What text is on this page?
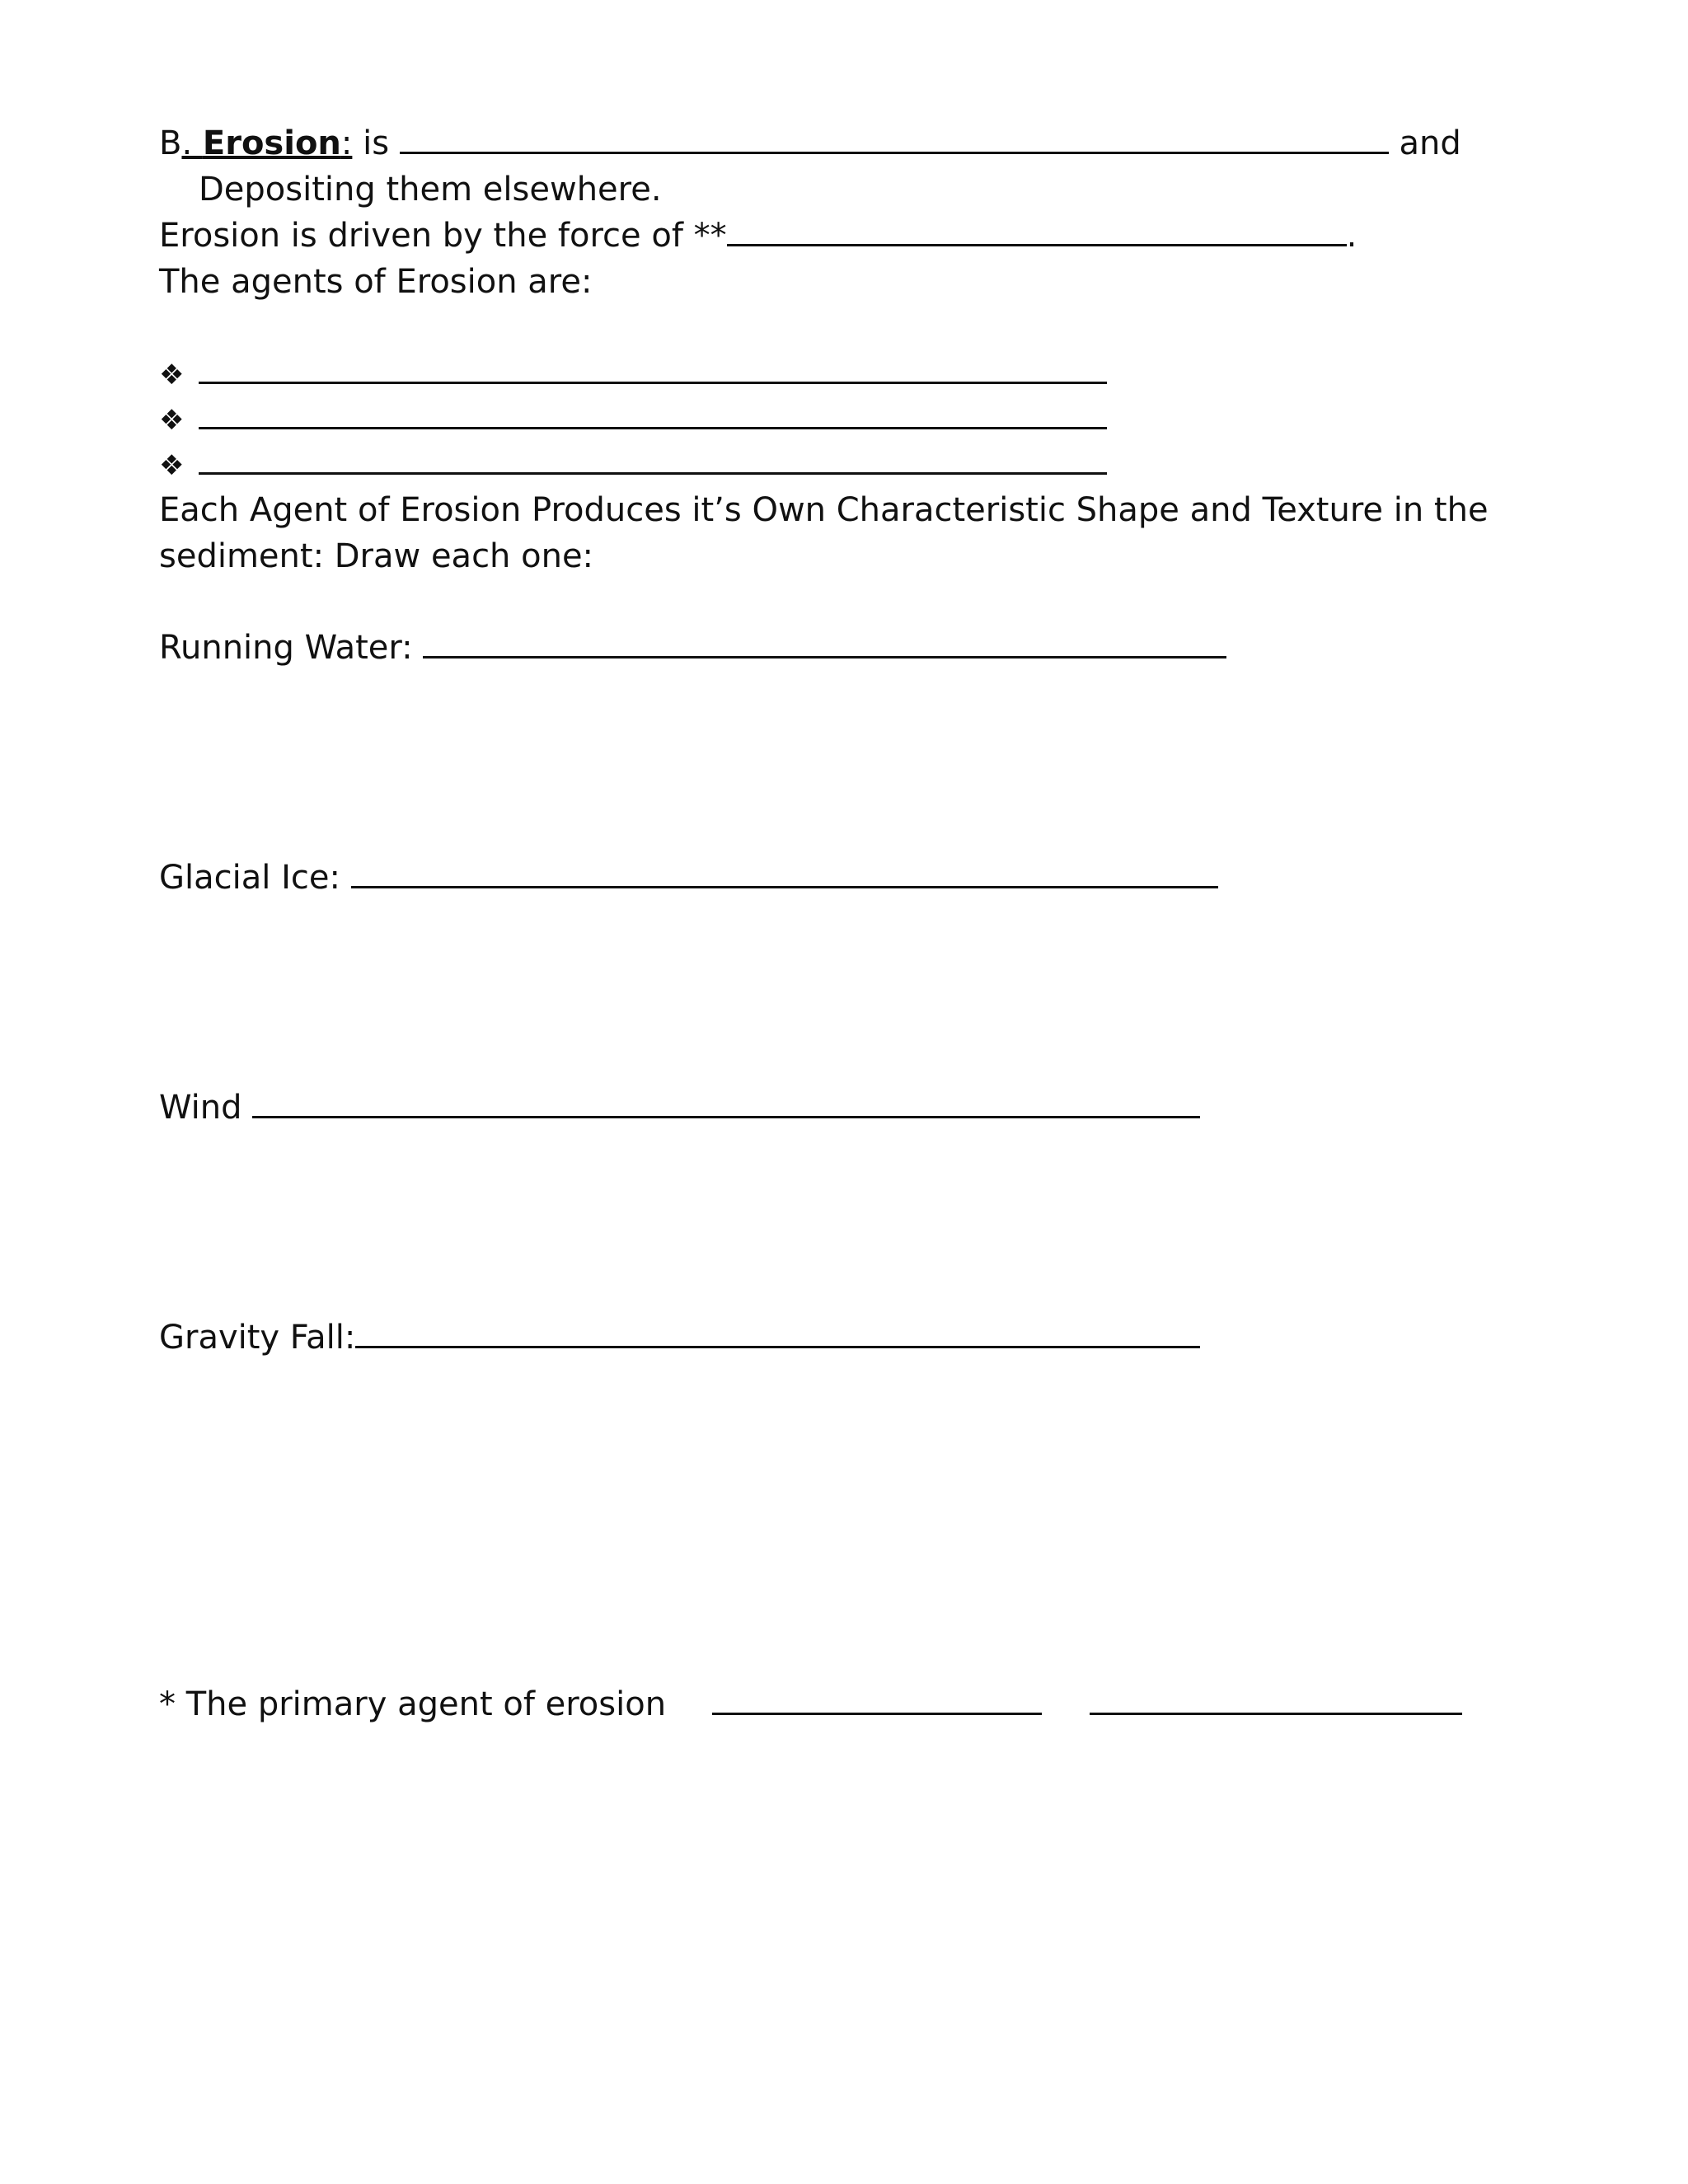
B. Erosion: is	and
Depositing them elsewhere.
Erosion is driven by the force of **	.
The agents of Erosion are:
❖
❖
❖
Each Agent of Erosion Produces it’s Own Characteristic Shape and Texture in the
sediment: Draw each one:
Running Water:
Glacial Ice:
Wind
Gravity Fall:
* The primary agent of erosion
